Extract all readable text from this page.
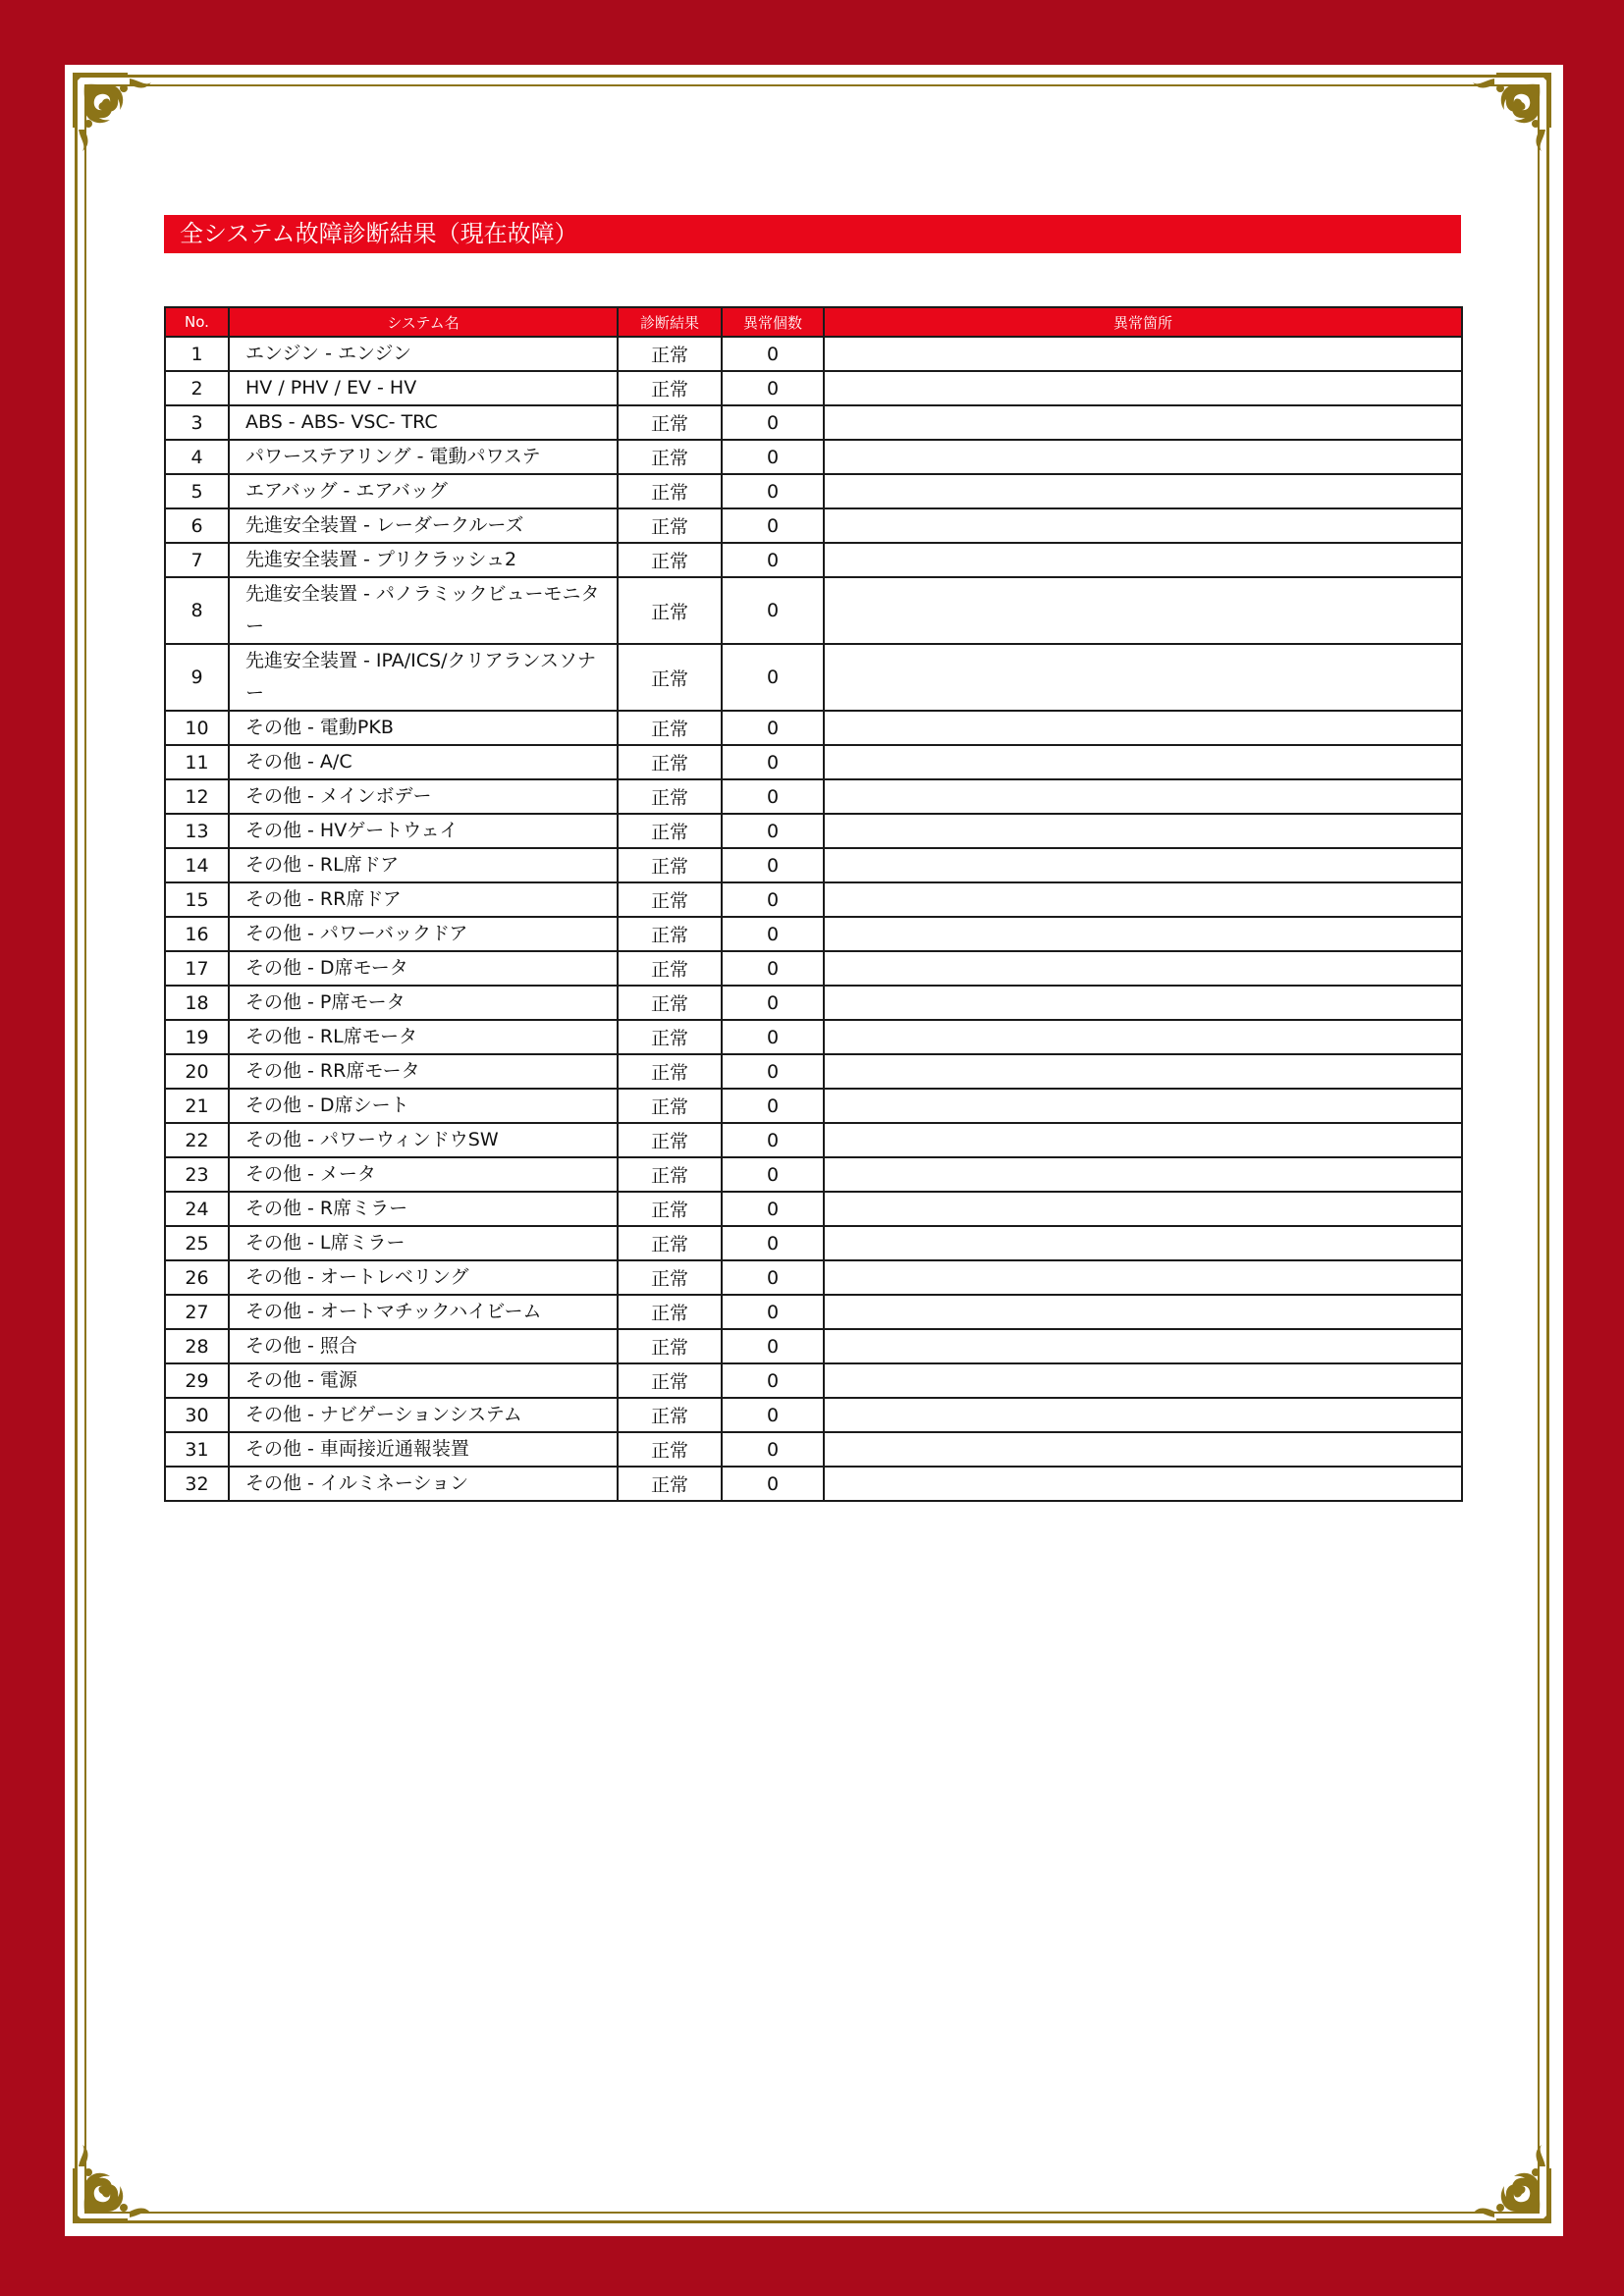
全システム故障診断結果（現在故障）
No.	システム名	診断結果	異常個数	異常箇所
1	エンジン - エンジン	正常	0	
2	HV / PHV / EV - HV	正常	0	
3	ABS - ABS- VSC- TRC	正常	0	
4	パワーステアリング - 電動パワステ	正常	0	
5	エアバッグ - エアバッグ	正常	0	
6	先進安全装置 - レーダークルーズ	正常	0	
7	先進安全装置 - プリクラッシュ2	正常	0	
8	先進安全装置 - パノラミックビューモニター	正常	0	
9	先進安全装置 - IPA/ICS/クリアランスソナー	正常	0	
10	その他 - 電動PKB	正常	0	
11	その他 - A/C	正常	0	
12	その他 - メインボデー	正常	0	
13	その他 - HVゲートウェイ	正常	0	
14	その他 - RL席ドア	正常	0	
15	その他 - RR席ドア	正常	0	
16	その他 - パワーバックドア	正常	0	
17	その他 - D席モータ	正常	0	
18	その他 - P席モータ	正常	0	
19	その他 - RL席モータ	正常	0	
20	その他 - RR席モータ	正常	0	
21	その他 - D席シート	正常	0	
22	その他 - パワーウィンドウSW	正常	0	
23	その他 - メータ	正常	0	
24	その他 - R席ミラー	正常	0	
25	その他 - L席ミラー	正常	0	
26	その他 - オートレベリング	正常	0	
27	その他 - オートマチックハイビーム	正常	0	
28	その他 - 照合	正常	0	
29	その他 - 電源	正常	0	
30	その他 - ナビゲーションシステム	正常	0	
31	その他 - 車両接近通報装置	正常	0	
32	その他 - イルミネーション	正常	0	
